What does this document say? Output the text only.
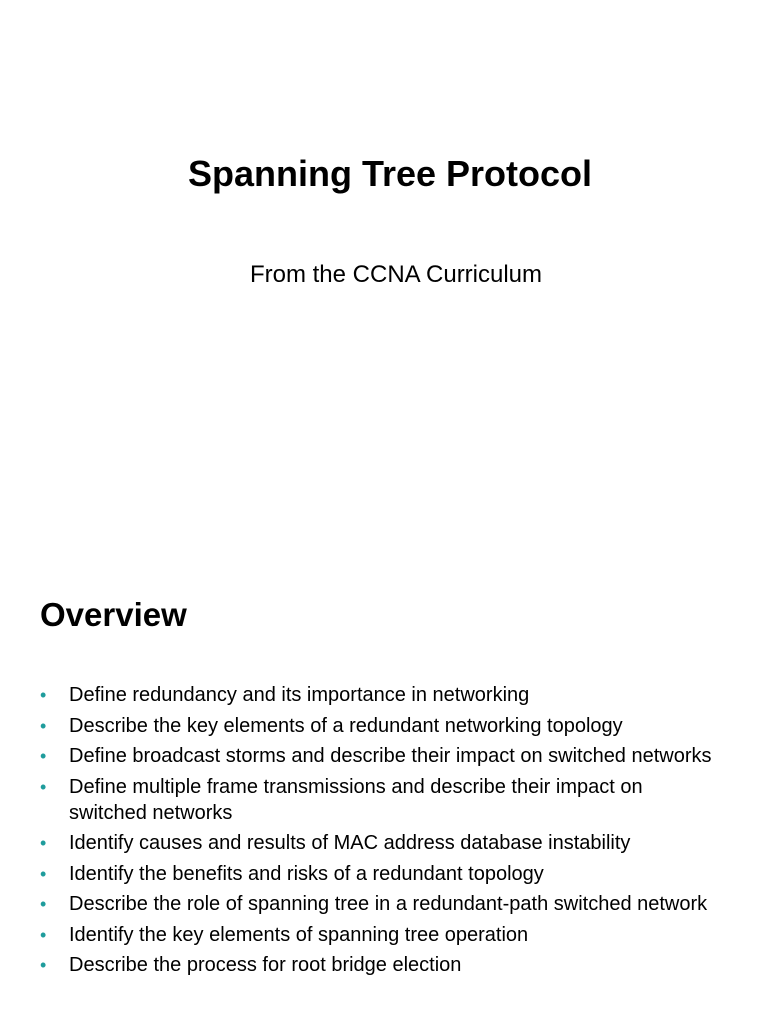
Spanning Tree Protocol

From the CCNA Curriculum

Overview
• Define redundancy and its importance in networking
• Describe the key elements of a redundant networking topology
• Define broadcast storms and describe their impact on switched networks
• Define multiple frame transmissions and describe their impact on switched networks
• Identify causes and results of MAC address database instability
• Identify the benefits and risks of a redundant topology
• Describe the role of spanning tree in a redundant-path switched network
• Identify the key elements of spanning tree operation
• Describe the process for root bridge election
